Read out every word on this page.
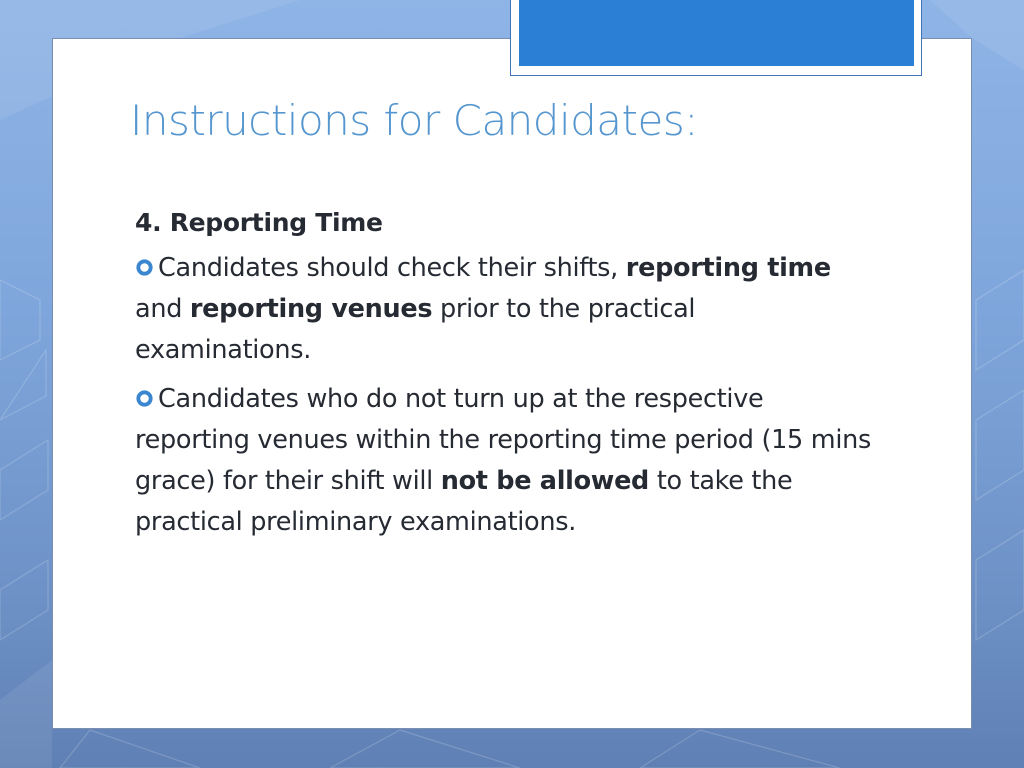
Instructions for Candidates:
4. Reporting Time
Candidates should check their shifts, reporting time and reporting venues prior to the practical examinations.
Candidates who do not turn up at the respective reporting venues within the reporting time period (15 mins grace) for their shift will not be allowed to take the practical preliminary examinations.
